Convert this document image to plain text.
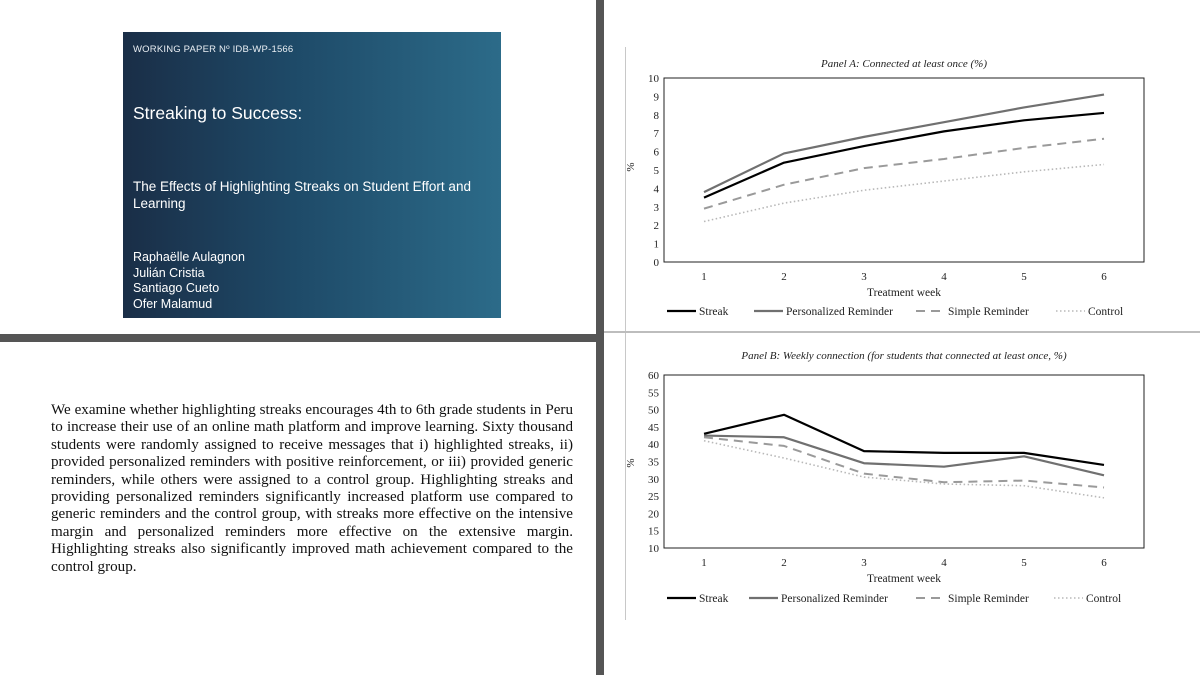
WORKING PAPER Nº IDB-WP-1566
Streaking to Success:
The Effects of Highlighting Streaks on Student Effort and Learning
Raphaëlle Aulagnon
Julián Cristia
Santiago Cueto
Ofer Malamud
We examine whether highlighting streaks encourages 4th to 6th grade students in Peru to increase their use of an online math platform and improve learning. Sixty thousand students were randomly assigned to receive messages that i) highlighted streaks, ii) provided personalized reminders with positive reinforcement, or iii) provided generic reminders, while others were assigned to a control group. Highlighting streaks and providing personalized reminders significantly increased platform use compared to generic reminders and the control group, with streaks more effective on the intensive margin and personalized reminders more effective on the extensive margin. Highlighting streaks also significantly improved math achievement compared to the control group.
Panel A: Connected at least once (%)
0
1
2
3
4
5
6
7
8
9
10
1	2	3	4	5	6
Treatment week
%
Streak	Personalized Reminder	Simple Reminder	Control
Panel B: Weekly connection (for students that connected at least once, %)
10
15
20
25
30
35
40
45
50
55
60
1	2	3	4	5	6
Treatment week
%
Streak	Personalized Reminder	Simple Reminder	Control
